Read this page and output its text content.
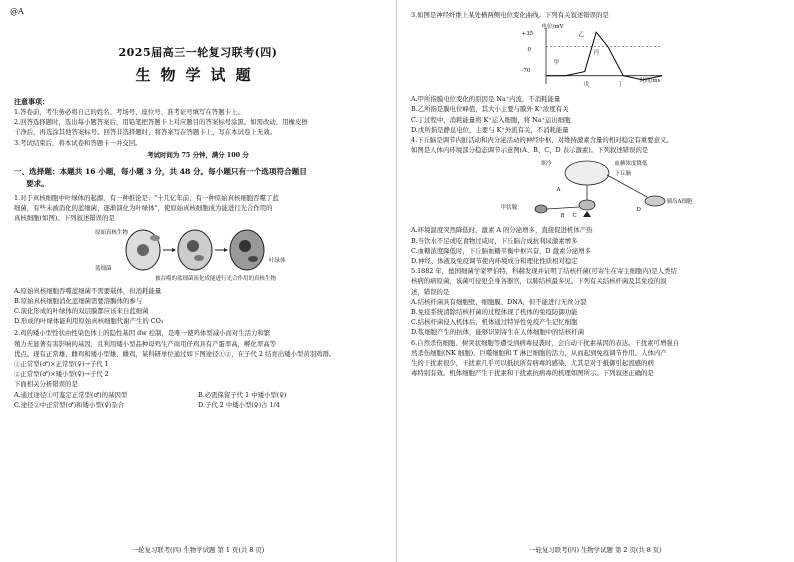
@A
2025届高三一轮复习联考(四)
生物学试题
注意事项：

1.答卷前，考生务必将自己的姓名、考场号、座位号、准考证号填写在答题卡上。

2.回答选择题时，选出每小题答案后，用铅笔把答题卡上对应题目的答案标号涂黑。如需改动，用橡皮擦

干净后，再选涂其他答案标号。回答非选择题时，将答案写在答题卡上，写在本试卷上无效。

3.考试结束后，将本试卷和答题卡一并交回。

考试时间为 75 分钟，满分 100 分

一、选择题：本题共 16 小题，每小题 3 分，共 48 分。每小题只有一个选项符合题目
要求。

1.对于真核细胞中叶绿体的起源，有一种推论是："十几亿年前，有一种原始真核细胞吞噬了蓝

细菌，有些未被消化的蓝细菌，逐渐演化为叶绿体"，使原始真核细胞成为能进行光合作用的

真核细胞(如图)。下列叙述错误的是

原始真核生物
蓝细菌
叶绿体
被吞噬的蓝细菌演化成能进行光合作用的真核生物

A.原始真核细胞吞噬蓝细菌不需要载体，但消耗能量

B.原始真核细胞消化蓝细菌需要溶酶体的参与

C.演化形成的叶绿体的双层膜都应该来自蓝细菌

D.形成的叶绿体能利用原始真核细胞代谢产生的 CO₂

2.鸡的矮小型性状由性染色体上的隐性基因 dw 控制，是唯一使鸡体型减小而对生活力和繁

殖力无显著有害影响的基因，且利用矮小型品种母鸡生产商用仔鸡具有产蛋率高，孵化率高等

优点。现有正常雄、雌鸡和矮小型雄、雌鸡，某科研单位通过如下图途径①②，在子代 2 结育出矮小型黄羽鸡群。

①正常型(♂)×正常型(♀)→子代 1

②正常型(♂)×矮小型(♀)→子代 2

下面相关分析错误的是

A.通过途径①可鉴定正常型(♂)的基因型	B.必需保留子代 1 中矮小型(♀)
C.途径②中正常型(♂)和矮小型(♀)杂合	D.子代 2 中矮小型(♀)占 1/4
一轮复习联考(四) 生物学试题 第 1 页(共 8 页)

3.如图是神经纤维上某处横两侧电位变化曲线。下列有关叙述错误的是

电位/mV
+35
0
-70
时间/ms
甲
乙
丙
丁
戊

A.甲所指膜电位变化的原因是 Na⁺内流，不消耗能量

B.乙所指是膜电位峰值，其大小主要与膜外 K⁺浓度有关

C.丁过程中，消耗能量将 K⁺运入细胞，将 Na⁺运出细胞

D.戊所指是静息电位，主要与 K⁺外流有关，不消耗能量

4.下丘脑是调节内脏活动和内分泌活动的神经中枢，对维持激素含量的相对稳定有重要意义。

如图是人体内环境部分稳态调节示意图(A、B、C、D 表示激素)。下列叙述错误的是

寒冷	血糖浓度降低
下丘脑
甲状腺
胰岛A细胞
A
B C
D

A.环境温度突然降低时，激素 A 的分泌增多，直接促进机体产热

B.当饮水不足或吃食物过咸时，下丘脑合成抗利尿激素增多

C.血糖浓度降低时，下丘脑血糖平衡中枢兴奋，D 激素分泌增多

D.神经、体液及免疫调节使内环境成分和理化性质相对稳定

5.1882 年，德国细菌学家罗伯特，科赫发现并证明了结核杆菌(可寄生在寄主细胞内)是人类结

核病的病原菌，该菌可侵犯全身各器官，以肺结核最多见。下列有关结核杆菌及其免疫的叙

述，错误的是

A.结核杆菌具有细胞壁、细胞膜、DNA，但不能进行无丝分裂

B.免疫系统清除结核杆菌的过程体现了机体的免疫防御功能

C.结核杆菌侵入机体后，机体通过特异性免疫产生记忆细胞

D.浆细胞产生的抗体，能够识别寄生在人体细胞中的结核杆菌

6.自然杀伤细胞、树突状细胞等遭受到病毒侵袭时，会自动干扰素基因的表达。干扰素可增强自

然杀伤细胞(NK 细胞)、巨噬细胞和 T 淋巴细胞的活力，从而起到免疫调节作用。人体内产

生的干扰素很少，干扰素几乎可以抵抗所有病毒的感染，尤其是对于抵御引起流感的病

毒特别有效。机体细胞产生干扰素和干扰素抗病毒的机理如图所示。下列叙述正确的是

一轮复习联考(四) 生物学试题 第 2 页(共 8 页)
